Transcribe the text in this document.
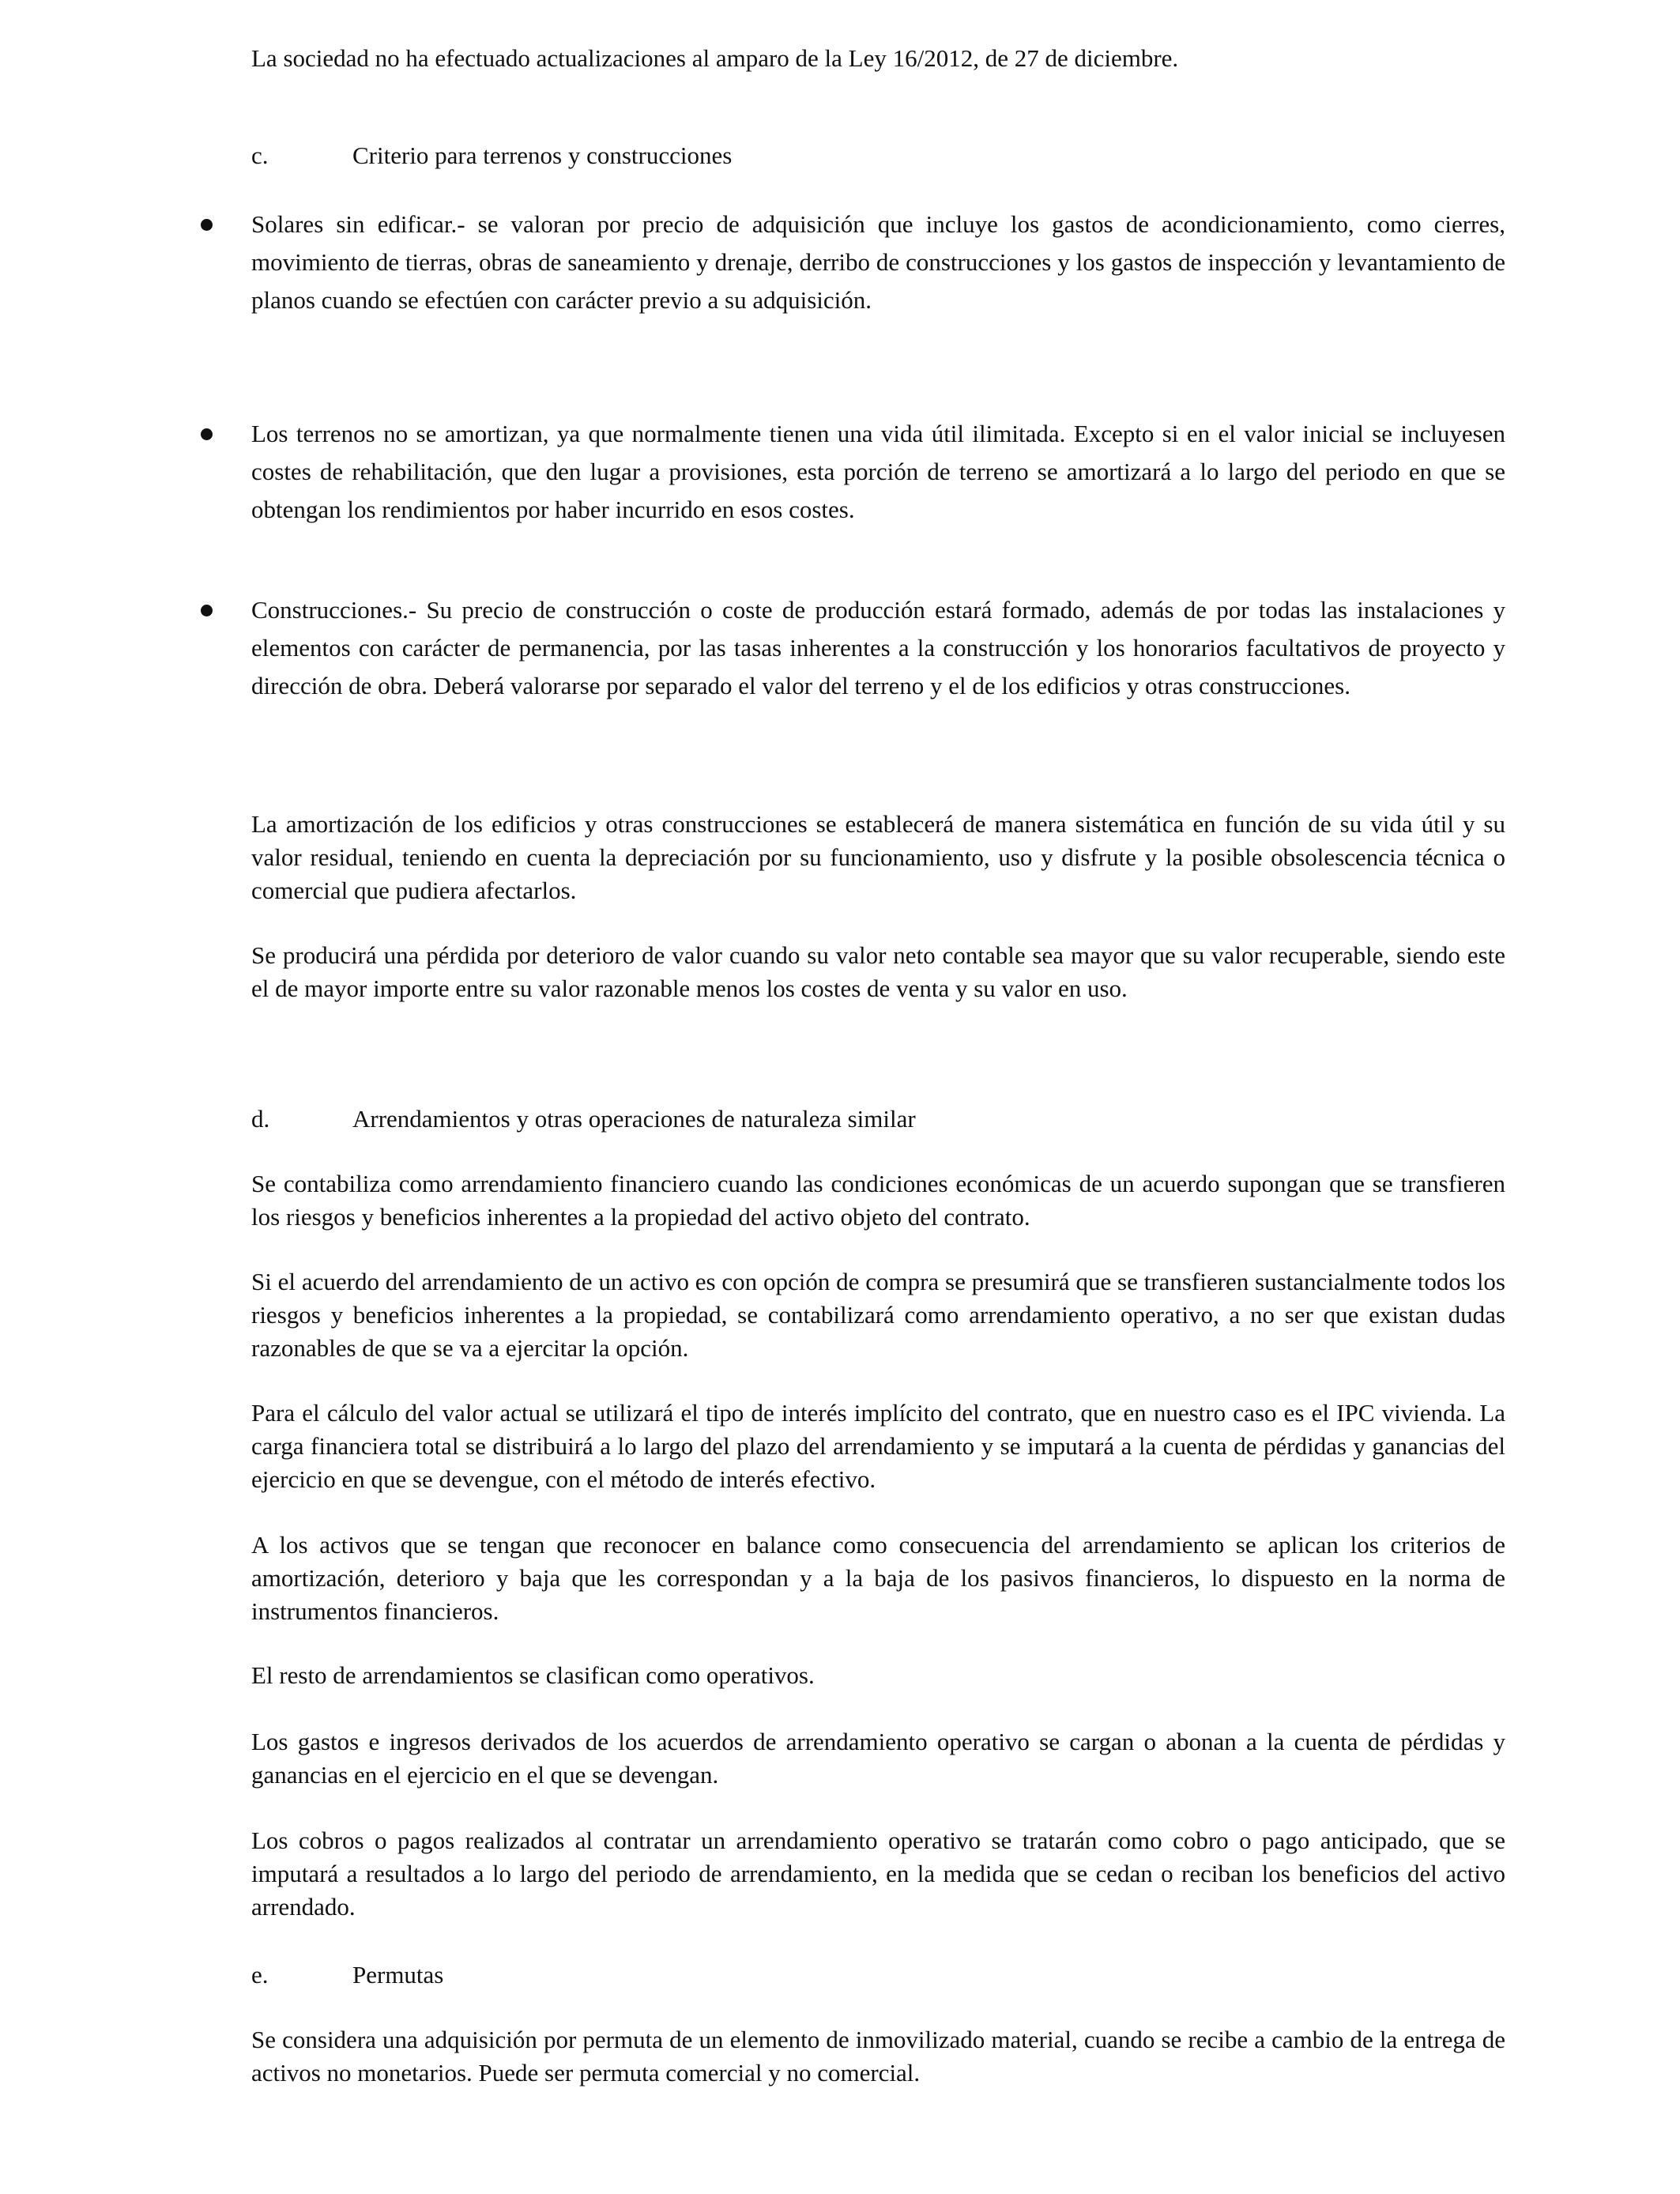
La sociedad no ha efectuado actualizaciones al amparo de la Ley 16/2012, de 27 de diciembre.

c.	Criterio para terrenos y construcciones

Solares sin edificar.- se valoran por precio de adquisición que incluye los gastos de acondicionamiento, como cierres, movimiento de tierras, obras de saneamiento y drenaje, derribo de construcciones y los gastos de inspección y levantamiento de planos cuando se efectúen con carácter previo a su adquisición.

Los terrenos no se amortizan, ya que normalmente tienen una vida útil ilimitada. Excepto si en el valor inicial se incluyesen costes de rehabilitación, que den lugar a provisiones, esta porción de terreno se amortizará a lo largo del periodo en que se obtengan los rendimientos por haber incurrido en esos costes.

Construcciones.- Su precio de construcción o coste de producción estará formado, además de por todas las instalaciones y elementos con carácter de permanencia, por las tasas inherentes a la construcción y los honorarios facultativos de proyecto y dirección de obra. Deberá valorarse por separado el valor del terreno y el de los edificios y otras construcciones.

La amortización de los edificios y otras construcciones se establecerá de manera sistemática en función de su vida útil y su valor residual, teniendo en cuenta la depreciación por su funcionamiento, uso y disfrute y la posible obsolescencia técnica o comercial que pudiera afectarlos.

Se producirá una pérdida por deterioro de valor cuando su valor neto contable sea mayor que su valor recuperable, siendo este el de mayor importe entre su valor razonable menos los costes de venta y su valor en uso.

d.	Arrendamientos y otras operaciones de naturaleza similar

Se contabiliza como arrendamiento financiero cuando las condiciones económicas de un acuerdo supongan que se transfieren los riesgos y beneficios inherentes a la propiedad del activo objeto del contrato.

Si el acuerdo del arrendamiento de un activo es con opción de compra se presumirá que se transfieren sustancialmente todos los riesgos y beneficios inherentes a la propiedad, se contabilizará como arrendamiento operativo, a no ser que existan dudas razonables de que se va a ejercitar la opción.

Para el cálculo del valor actual se utilizará el tipo de interés implícito del contrato, que en nuestro caso es el IPC vivienda. La carga financiera total se distribuirá a lo largo del plazo del arrendamiento y se imputará a la cuenta de pérdidas y ganancias del ejercicio en que se devengue, con el método de interés efectivo.

A los activos que se tengan que reconocer en balance como consecuencia del arrendamiento se aplican los criterios de amortización, deterioro y baja que les correspondan y a la baja de los pasivos financieros, lo dispuesto en la norma de instrumentos financieros.

El resto de arrendamientos se clasifican como operativos.

Los gastos e ingresos derivados de los acuerdos de arrendamiento operativo se cargan o abonan a la cuenta de pérdidas y ganancias en el ejercicio en el que se devengan.

Los cobros o pagos realizados al contratar un arrendamiento operativo se tratarán como cobro o pago anticipado, que se imputará a resultados a lo largo del periodo de arrendamiento, en la medida que se cedan o reciban los beneficios del activo arrendado.

e.	Permutas

Se considera una adquisición por permuta de un elemento de inmovilizado material, cuando se recibe a cambio de la entrega de activos no monetarios. Puede ser permuta comercial y no comercial.
